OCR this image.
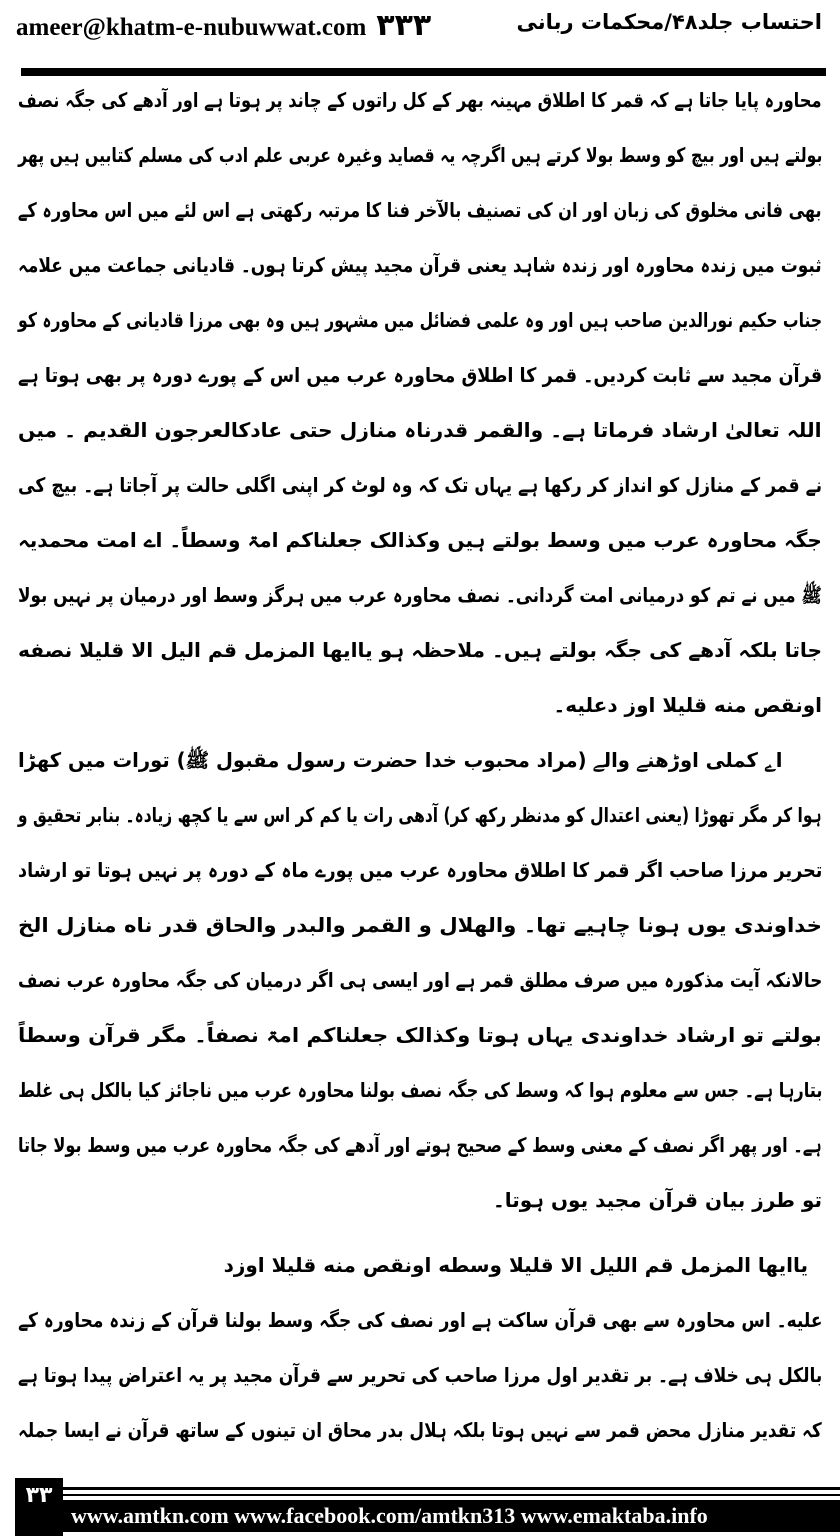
ameer@khatm-e-nubuwwat.com ۳۳۳	احتساب جلد۴۸/محکمات ربانی
محاورہ پایا جاتا ہے کہ قمر کا اطلاق مہینہ بھر کے کل راتوں کے چاند پر ہوتا ہے اور آدھے کی جگہ نصف
بولتے ہیں اور بیچ کو وسط بولا کرتے ہیں اگرچہ یہ قصاید وغیرہ عربی علم ادب کی مسلم کتابیں ہیں پھر
بھی فانی مخلوق کی زبان اور ان کی تصنیف بالآخر فنا کا مرتبہ رکھتی ہے اس لئے میں اس محاورہ کے
ثبوت میں زندہ محاورہ اور زندہ شاہد یعنی قرآن مجید پیش کرتا ہوں۔ قادیانی جماعت میں علامہ
جناب حکیم نورالدین صاحب ہیں اور وہ علمی فضائل میں مشہور ہیں وہ بھی مرزا قادیانی کے محاورہ کو
قرآن مجید سے ثابت کردیں۔ قمر کا اطلاق محاورہ عرب میں اس کے پورے دورہ پر بھی ہوتا ہے
اللہ تعالیٰ ارشاد فرماتا ہے۔ والقمر قدرناہ منازل حتی عادکالعرجون القدیم ۔ میں
نے قمر کے منازل کو انداز کر رکھا ہے یہاں تک کہ وہ لوٹ کر اپنی اگلی حالت پر آجاتا ہے۔ بیچ کی
جگہ محاورہ عرب میں وسط بولتے ہیں وکذالک جعلناکم امۃ وسطاً۔ اے امت محمدیہ
ﷺ میں نے تم کو درمیانی امت گردانی۔ نصف محاورہ عرب میں ہرگز وسط اور درمیان پر نہیں بولا
جاتا بلکہ آدھے کی جگہ بولتے ہیں۔ ملاحظہ ہو یاایها المزمل قم الیل الا قلیلا نصفه
اونقص منه قلیلا اوز دعلیه۔
اے کملی اوڑھنے والے (مراد محبوب خدا حضرت رسول مقبول ﷺ) تورات میں کھڑا
ہوا کر مگر تھوڑا (یعنی اعتدال کو مدنظر رکھ کر) آدھی رات یا کم کر اس سے یا کچھ زیادہ۔ بنابر تحقیق و
تحریر مرزا صاحب اگر قمر کا اطلاق محاورہ عرب میں پورے ماہ کے دورہ پر نہیں ہوتا تو ارشاد
خداوندی یوں ہونا چاہیے تھا۔ والهلال و القمر والبدر والحاق قدر ناه منازل الخ
حالانکہ آیت مذکورہ میں صرف مطلق قمر ہے اور ایسی ہی اگر درمیان کی جگہ محاورہ عرب نصف
بولتے تو ارشاد خداوندی یہاں ہوتا وکذالک جعلناکم امۃ نصفاً۔ مگر قرآن وسطاً
بتارہا ہے۔ جس سے معلوم ہوا کہ وسط کی جگہ نصف بولنا محاورہ عرب میں ناجائز کیا بالکل ہی غلط
ہے۔ اور پھر اگر نصف کے معنی وسط کے صحیح ہوتے اور آدھے کی جگہ محاورہ عرب میں وسط بولا جاتا
تو طرز بیان قرآن مجید یوں ہوتا۔
یاایها المزمل قم اللیل الا قلیلا وسطه اونقص منه قلیلا اوزد
علیه۔ اس محاورہ سے بھی قرآن ساکت ہے اور نصف کی جگہ وسط بولنا قرآن کے زندہ محاورہ کے
بالکل ہی خلاف ہے۔ بر تقدیر اول مرزا صاحب کی تحریر سے قرآن مجید پر یہ اعتراض پیدا ہوتا ہے
کہ تقدیر منازل محض قمر سے نہیں ہوتا بلکہ ہلال بدر محاق ان تینوں کے ساتھ قرآن نے ایسا جملہ
۳۳
www.amtkn.com www.facebook.com/amtkn313 www.emaktaba.info
